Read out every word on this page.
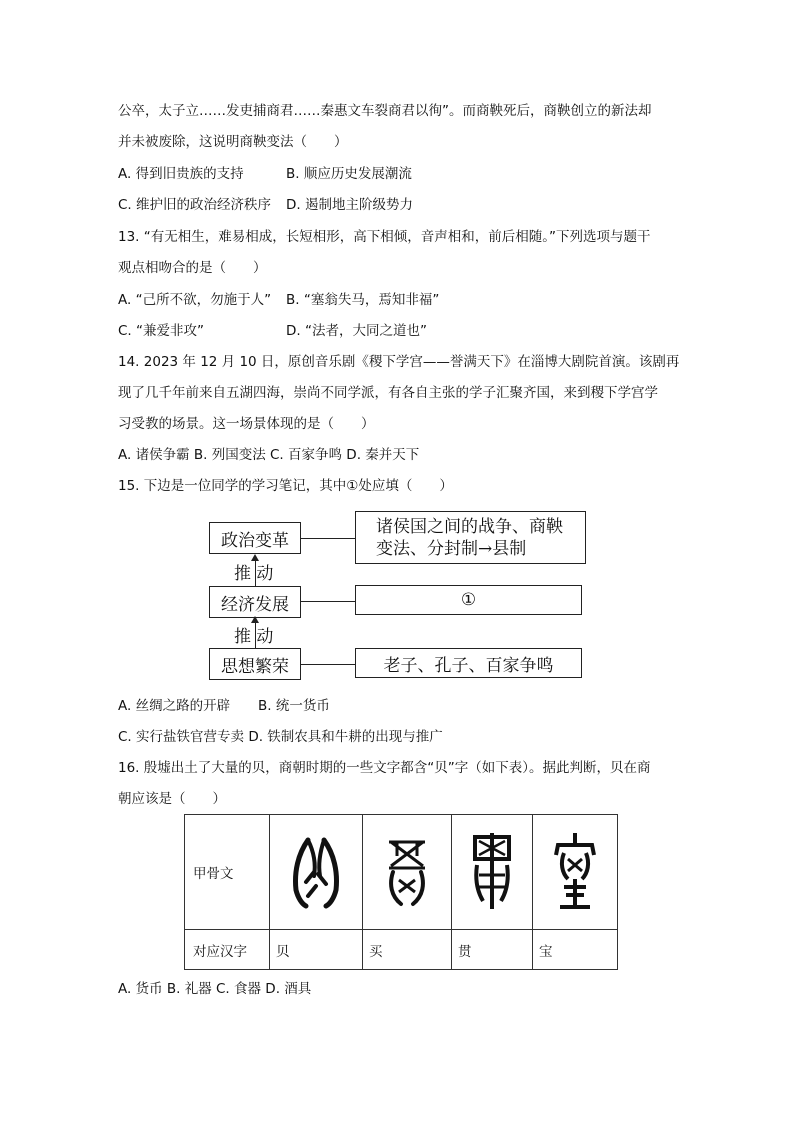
公卒，太子立……发吏捕商君……秦惠文车裂商君以徇”。而商鞅死后，商鞅创立的新法却
并未被废除，这说明商鞅变法（　　）
A. 得到旧贵族的支持	B. 顺应历史发展潮流
C. 维护旧的政治经济秩序 D. 遏制地主阶级势力
13. “有无相生，难易相成，长短相形，高下相倾，音声相和，前后相随。”下列选项与题干
观点相吻合的是（　　）
A. “己所不欲，勿施于人” B. “塞翁失马，焉知非福”
C. “兼爱非攻”	D. “法者，大同之道也”
14. 2023 年 12 月 10 日，原创音乐剧《稷下学宫——誉满天下》在淄博大剧院首演。该剧再
现了几千年前来自五湖四海，崇尚不同学派，有各自主张的学子汇聚齐国，来到稷下学宫学
习受教的场景。这一场景体现的是（　　）
A. 诸侯争霸 B. 列国变法 C. 百家争鸣 D. 秦并天下
15. 下边是一位同学的学习笔记，其中①处应填（　　）
政治变革
诸侯国之间的战争、商鞅
变法、分封制→县制
推 动
经济发展	①
推 动
思想繁荣	老子、孔子、百家争鸣
A. 丝绸之路的开辟 B. 统一货币
C. 实行盐铁官营专卖 D. 铁制农具和牛耕的出现与推广
16. 殷墟出土了大量的贝，商朝时期的一些文字都含“贝”字（如下表）。据此判断，贝在商
朝应该是（　　）
甲骨文	

对应汉字	贝	买	贯	宝
A. 货币 B. 礼器 C. 食器 D. 酒具
